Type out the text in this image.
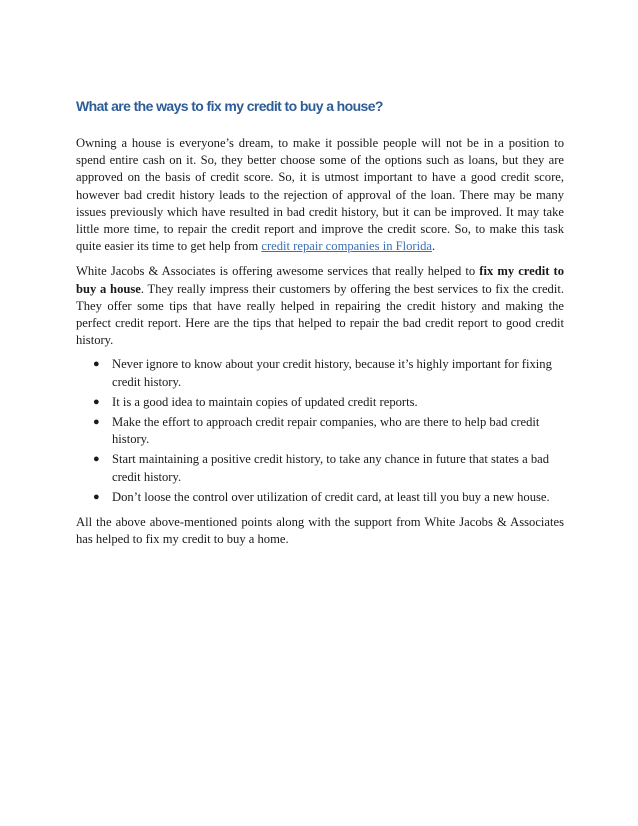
What are the ways to fix my credit to buy a house?

Owning a house is everyone’s dream, to make it possible people will not be in a position to spend entire cash on it. So, they better choose some of the options such as loans, but they are approved on the basis of credit score. So, it is utmost important to have a good credit score, however bad credit history leads to the rejection of approval of the loan. There may be many issues previously which have resulted in bad credit history, but it can be improved. It may take little more time, to repair the credit report and improve the credit score. So, to make this task quite easier its time to get help from credit repair companies in Florida.

White Jacobs & Associates is offering awesome services that really helped to fix my credit to buy a house. They really impress their customers by offering the best services to fix the credit. They offer some tips that have really helped in repairing the credit history and making the perfect credit report. Here are the tips that helped to repair the bad credit report to good credit history.

● Never ignore to know about your credit history, because it’s highly important for fixing credit history.
● It is a good idea to maintain copies of updated credit reports.
● Make the effort to approach credit repair companies, who are there to help bad credit history.
● Start maintaining a positive credit history, to take any chance in future that states a bad credit history.
● Don’t loose the control over utilization of credit card, at least till you buy a new house.

All the above above-mentioned points along with the support from White Jacobs & Associates has helped to fix my credit to buy a home.
